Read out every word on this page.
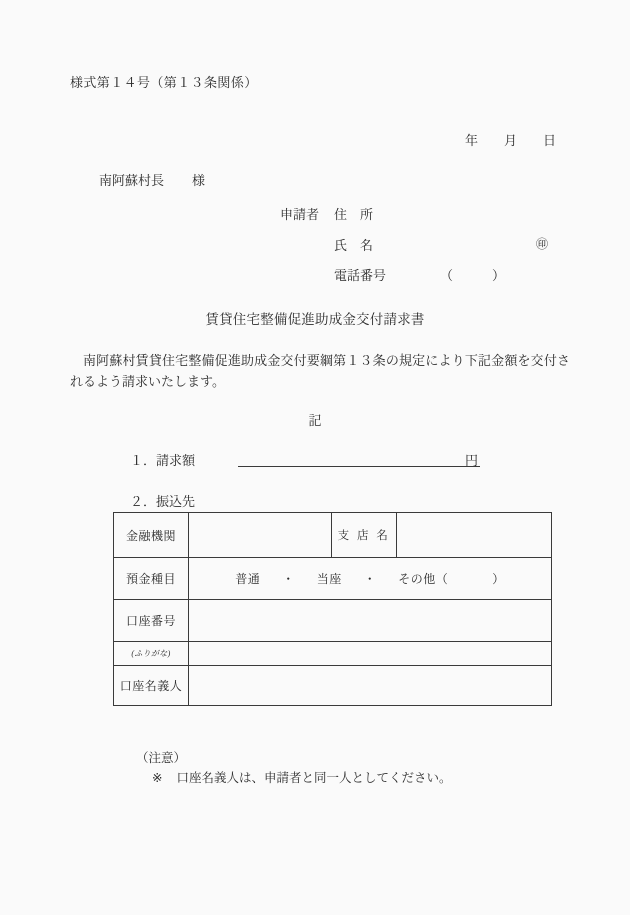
様式第１４号（第１３条関係）

年 月 日

南阿蘇村長 様

申請者 住　所
氏　名	㊞
電話番号	（　　　）
賃貸住宅整備促進助成金交付請求書
南阿蘇村賃貸住宅整備促進助成金交付要綱第１３条の規定により下記金額を交付されるよう請求いたします。
記
１．請求額	円
２．振込先
金融機関		支 店 名	
預金種目	普通 ・ 当座 ・ その他（ ）		
口座番号			
(ふりがな)			
口座名義人			
（注意）
※ 口座名義人は、申請者と同一人としてください。
